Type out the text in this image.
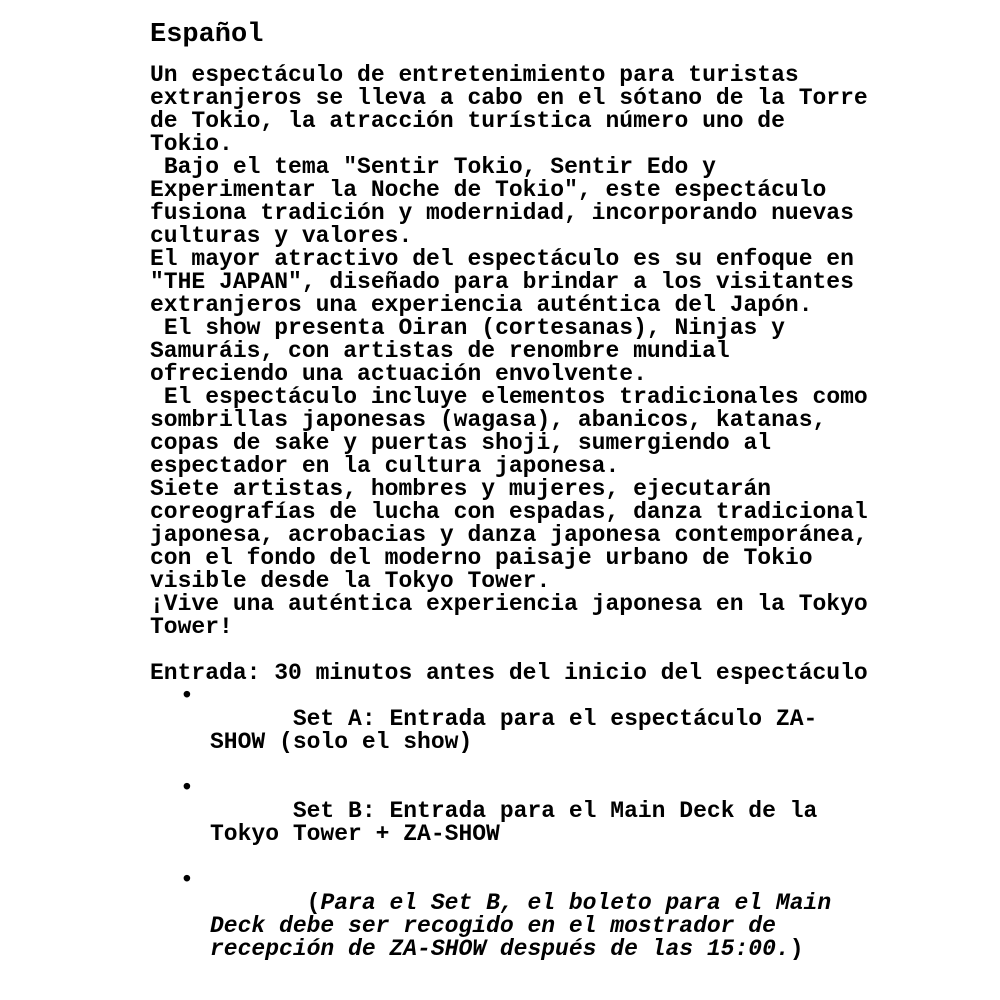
Español

Un espectáculo de entretenimiento para turistas extranjeros se lleva a cabo en el sótano de la Torre de Tokio, la atracción turística número uno de Tokio.

Bajo el tema "Sentir Tokio, Sentir Edo y Experimentar la Noche de Tokio", este espectáculo fusiona tradición y modernidad, incorporando nuevas culturas y valores.

El mayor atractivo del espectáculo es su enfoque en "THE JAPAN", diseñado para brindar a los visitantes extranjeros una experiencia auténtica del Japón.

El show presenta Oiran (cortesanas), Ninjas y Samuráis, con artistas de renombre mundial ofreciendo una actuación envolvente.

El espectáculo incluye elementos tradicionales como sombrillas japonesas (wagasa), abanicos, katanas, copas de sake y puertas shoji, sumergiendo al espectador en la cultura japonesa.

Siete artistas, hombres y mujeres, ejecutarán coreografías de lucha con espadas, danza tradicional japonesa, acrobacias y danza japonesa contemporánea, con el fondo del moderno paisaje urbano de Tokio visible desde la Tokyo Tower.

¡Vive una auténtica experiencia japonesa en la Tokyo Tower!

Entrada: 30 minutos antes del inicio del espectáculo

•
Set A: Entrada para el espectáculo ZA-SHOW (solo el show)

•
Set B: Entrada para el Main Deck de la Tokyo Tower + ZA-SHOW

•
(Para el Set B, el boleto para el Main Deck debe ser recogido en el mostrador de recepción de ZA-SHOW después de las 15:00.)
